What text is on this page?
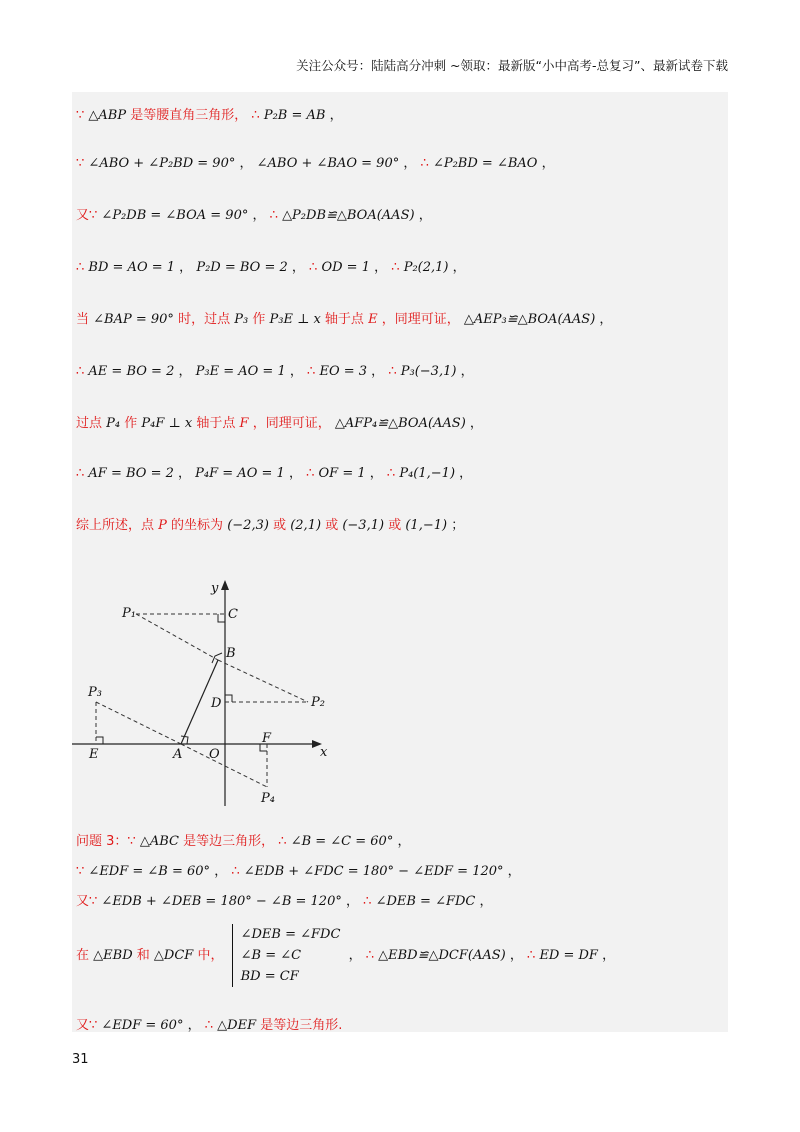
关注公众号：陆陆高分冲刺 ~领取：最新版“小中高考-总复习”、最新试卷下载
∵ △ABP 是等腰直角三角形， ∴ P₂B = AB ，
∵ ∠ABO + ∠P₂BD = 90° ， ∠ABO + ∠BAO = 90° ， ∴ ∠P₂BD = ∠BAO ，
又∵ ∠P₂DB = ∠BOA = 90° ， ∴ △P₂DB≌△BOA(AAS) ，
∴ BD = AO = 1 ， P₂D = BO = 2 ， ∴ OD = 1 ， ∴ P₂(2,1) ，
当 ∠BAP = 90° 时，过点 P₃ 作 P₃E ⊥ x 轴于点 E ，同理可证， △AEP₃≌△BOA(AAS) ，
∴ AE = BO = 2 ， P₃E = AO = 1 ， ∴ EO = 3 ， ∴ P₃(−3,1) ，
过点 P₄ 作 P₄F ⊥ x 轴于点 F ，同理可证， △AFP₄≌△BOA(AAS) ，
∴ AF = BO = 2 ， P₄F = AO = 1 ， ∴ OF = 1 ， ∴ P₄(1,−1) ，
综上所述，点 P 的坐标为 (−2,3) 或 (2,1) 或 (−3,1) 或 (1,−1) ；
y
x
P₁	C
B
P₃
D	P₂
E	A O
F
P₄
问题 3：∵ △ABC 是等边三角形， ∴ ∠B = ∠C = 60° ，
∵ ∠EDF = ∠B = 60° ， ∴ ∠EDB + ∠FDC = 180° − ∠EDF = 120° ，
又∵ ∠EDB + ∠DEB = 180° − ∠B = 120° ， ∴ ∠DEB = ∠FDC ，
在 △EBD 和 △DCF 中，
∠DEB = ∠FDC
∠B = ∠C
BD = CF
， ∴ △EBD≌△DCF(AAS) ， ∴ ED = DF ，
又∵ ∠EDF = 60° ， ∴ △DEF 是等边三角形.
31
